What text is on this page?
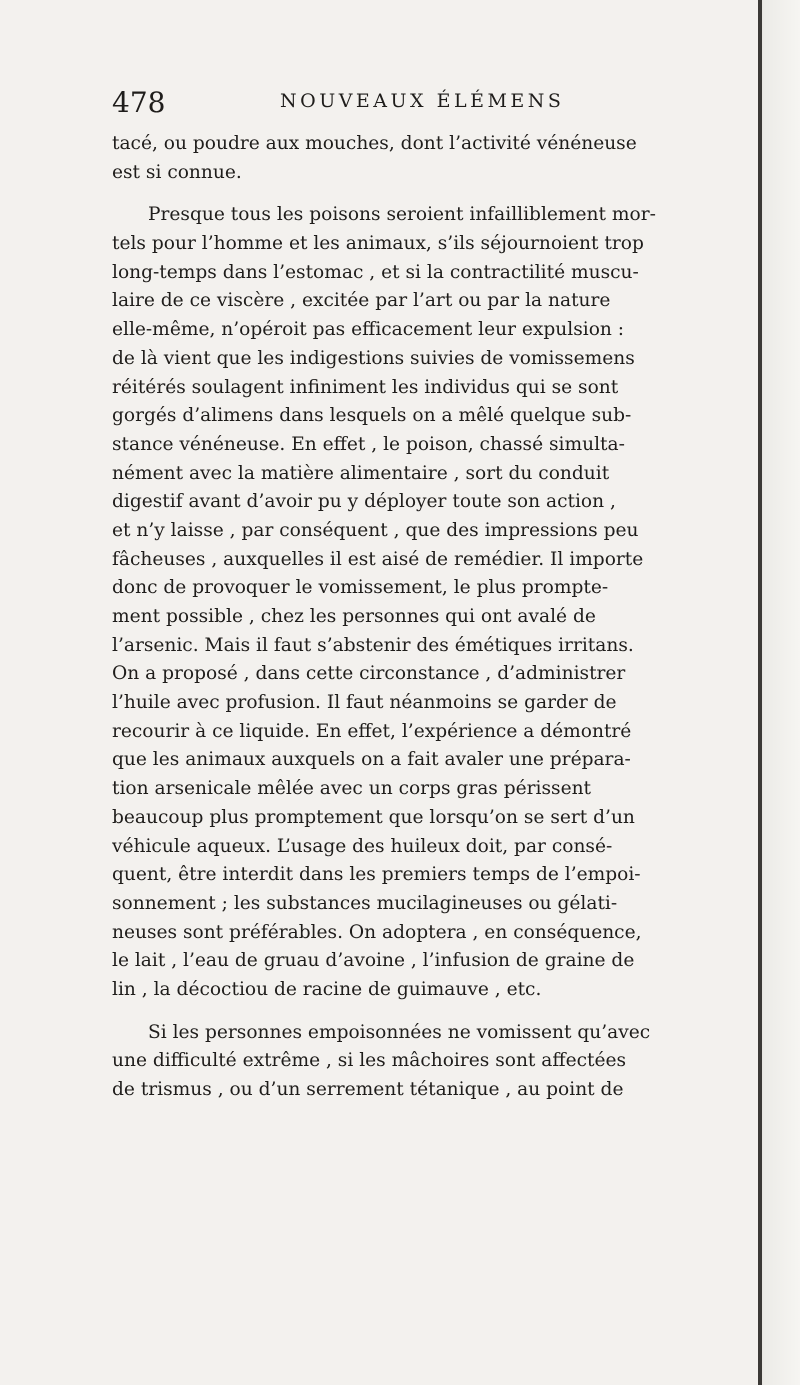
478	NOUVEAUX ÉLÉMENS
tacé, ou poudre aux mouches, dont l’activité vénéneuse
est si connue.
Presque tous les poisons seroient infailliblement mor-
tels pour l’homme et les animaux, s’ils séjournoient trop
long-temps dans l’estomac , et si la contractilité muscu-
laire de ce viscère , excitée par l’art ou par la nature
elle-même, n’opéroit pas efficacement leur expulsion :
de là vient que les indigestions suivies de vomissemens
réitérés soulagent infiniment les individus qui se sont
gorgés d’alimens dans lesquels on a mêlé quelque sub-
stance vénéneuse. En effet , le poison, chassé simulta-
nément avec la matière alimentaire , sort du conduit
digestif avant d’avoir pu y déployer toute son action ,
et n’y laisse , par conséquent , que des impressions peu
fâcheuses , auxquelles il est aisé de remédier. Il importe
donc de provoquer le vomissement, le plus prompte-
ment possible , chez les personnes qui ont avalé de
l’arsenic. Mais il faut s’abstenir des émétiques irritans.
On a proposé , dans cette circonstance , d’administrer
l’huile avec profusion. Il faut néanmoins se garder de
recourir à ce liquide. En effet, l’expérience a démontré
que les animaux auxquels on a fait avaler une prépara-
tion arsenicale mêlée avec un corps gras périssent
beaucoup plus promptement que lorsqu’on se sert d’un
véhicule aqueux. L’usage des huileux doit, par consé-
quent, être interdit dans les premiers temps de l’empoi-
sonnement ; les substances mucilagineuses ou gélati-
neuses sont préférables. On adoptera , en conséquence,
le lait , l’eau de gruau d’avoine , l’infusion de graine de
lin , la décoctiou de racine de guimauve , etc.
Si les personnes empoisonnées ne vomissent qu’avec
une difficulté extrême , si les mâchoires sont affectées
de trismus , ou d’un serrement tétanique , au point de
